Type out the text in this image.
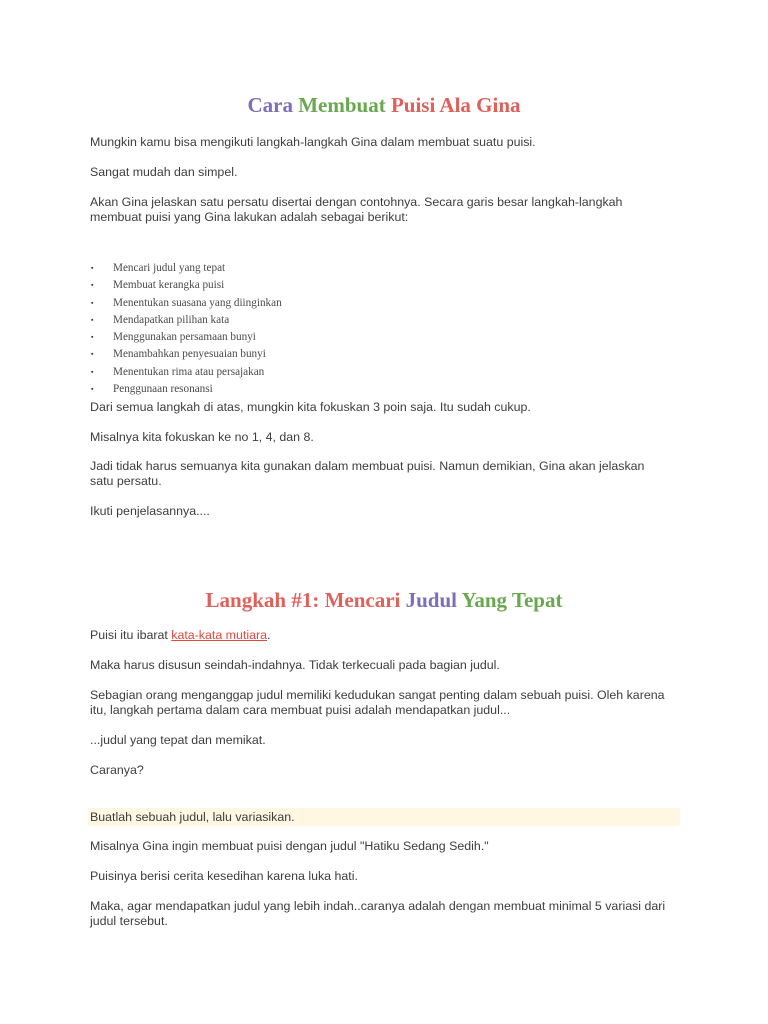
Cara Membuat Puisi Ala Gina

Mungkin kamu bisa mengikuti langkah-langkah Gina dalam membuat suatu puisi.

Sangat mudah dan simpel.

Akan Gina jelaskan satu persatu disertai dengan contohnya. Secara garis besar langkah-langkah
membuat puisi yang Gina lakukan adalah sebagai berikut:

▪ Mencari judul yang tepat
▪ Membuat kerangka puisi
▪ Menentukan suasana yang diinginkan
▪ Mendapatkan pilihan kata
▪ Menggunakan persamaan bunyi
▪ Menambahkan penyesuaian bunyi
▪ Menentukan rima atau persajakan
▪ Penggunaan resonansi

Dari semua langkah di atas, mungkin kita fokuskan 3 poin saja. Itu sudah cukup.

Misalnya kita fokuskan ke no 1, 4, dan 8.

Jadi tidak harus semuanya kita gunakan dalam membuat puisi. Namun demikian, Gina akan jelaskan
satu persatu.

Ikuti penjelasannya....

Langkah #1: Mencari Judul Yang Tepat

Puisi itu ibarat kata-kata mutiara.

Maka harus disusun seindah-indahnya. Tidak terkecuali pada bagian judul.

Sebagian orang menganggap judul memiliki kedudukan sangat penting dalam sebuah puisi. Oleh karena
itu, langkah pertama dalam cara membuat puisi adalah mendapatkan judul...

...judul yang tepat dan memikat.

Caranya?

Buatlah sebuah judul, lalu variasikan.

Misalnya Gina ingin membuat puisi dengan judul "Hatiku Sedang Sedih."

Puisinya berisi cerita kesedihan karena luka hati.

Maka, agar mendapatkan judul yang lebih indah..caranya adalah dengan membuat minimal 5 variasi dari
judul tersebut.
